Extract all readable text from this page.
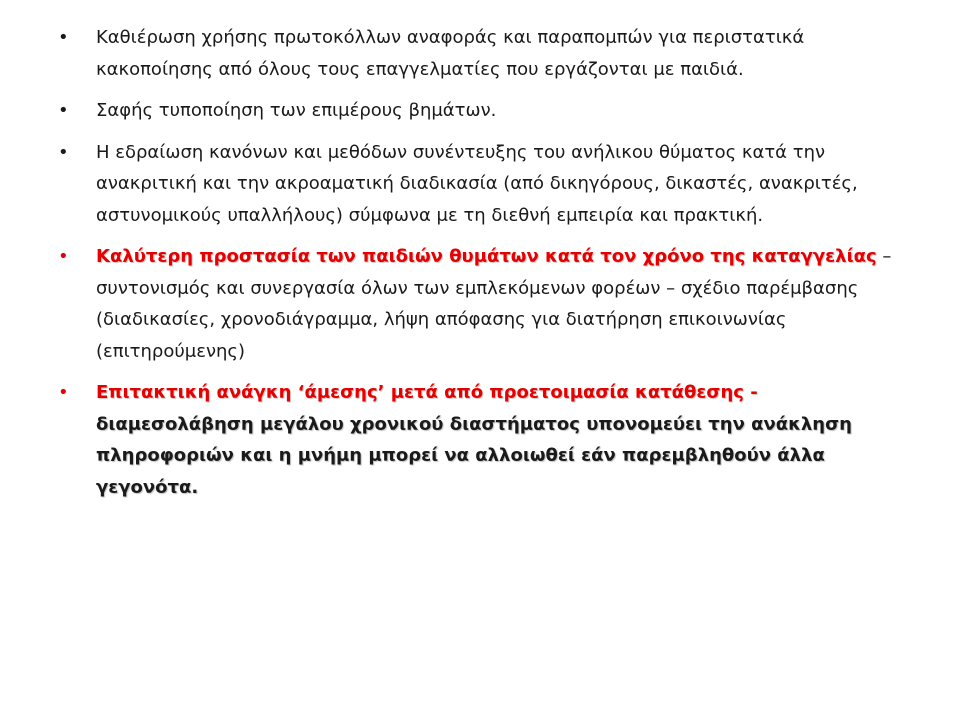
•	Καθιέρωση χρήσης πρωτοκόλλων αναφοράς και παραπομπών για περιστατικά κακοποίησης από όλους τους επαγγελματίες που εργάζονται με παιδιά.
•	Σαφής τυποποίηση των επιμέρους βημάτων.
•	Η εδραίωση κανόνων και μεθόδων συνέντευξης του ανήλικου θύματος κατά την ανακριτική και την ακροαματική διαδικασία (από δικηγόρους, δικαστές, ανακριτές, αστυνομικούς υπαλλήλους) σύμφωνα με τη διεθνή εμπειρία και πρακτική.
•	Καλύτερη προστασία των παιδιών θυμάτων κατά τον χρόνο της καταγγελίας – συντονισμός και συνεργασία όλων των εμπλεκόμενων φορέων – σχέδιο παρέμβασης (διαδικασίες, χρονοδιάγραμμα, λήψη απόφασης για διατήρηση επικοινωνίας (επιτηρούμενης)
•	Επιτακτική ανάγκη ‘άμεσης’ μετά από προετοιμασία κατάθεσης - διαμεσολάβηση μεγάλου χρονικού διαστήματος υπονομεύει την ανάκληση πληροφοριών και η μνήμη μπορεί να αλλοιωθεί εάν παρεμβληθούν άλλα γεγονότα.
